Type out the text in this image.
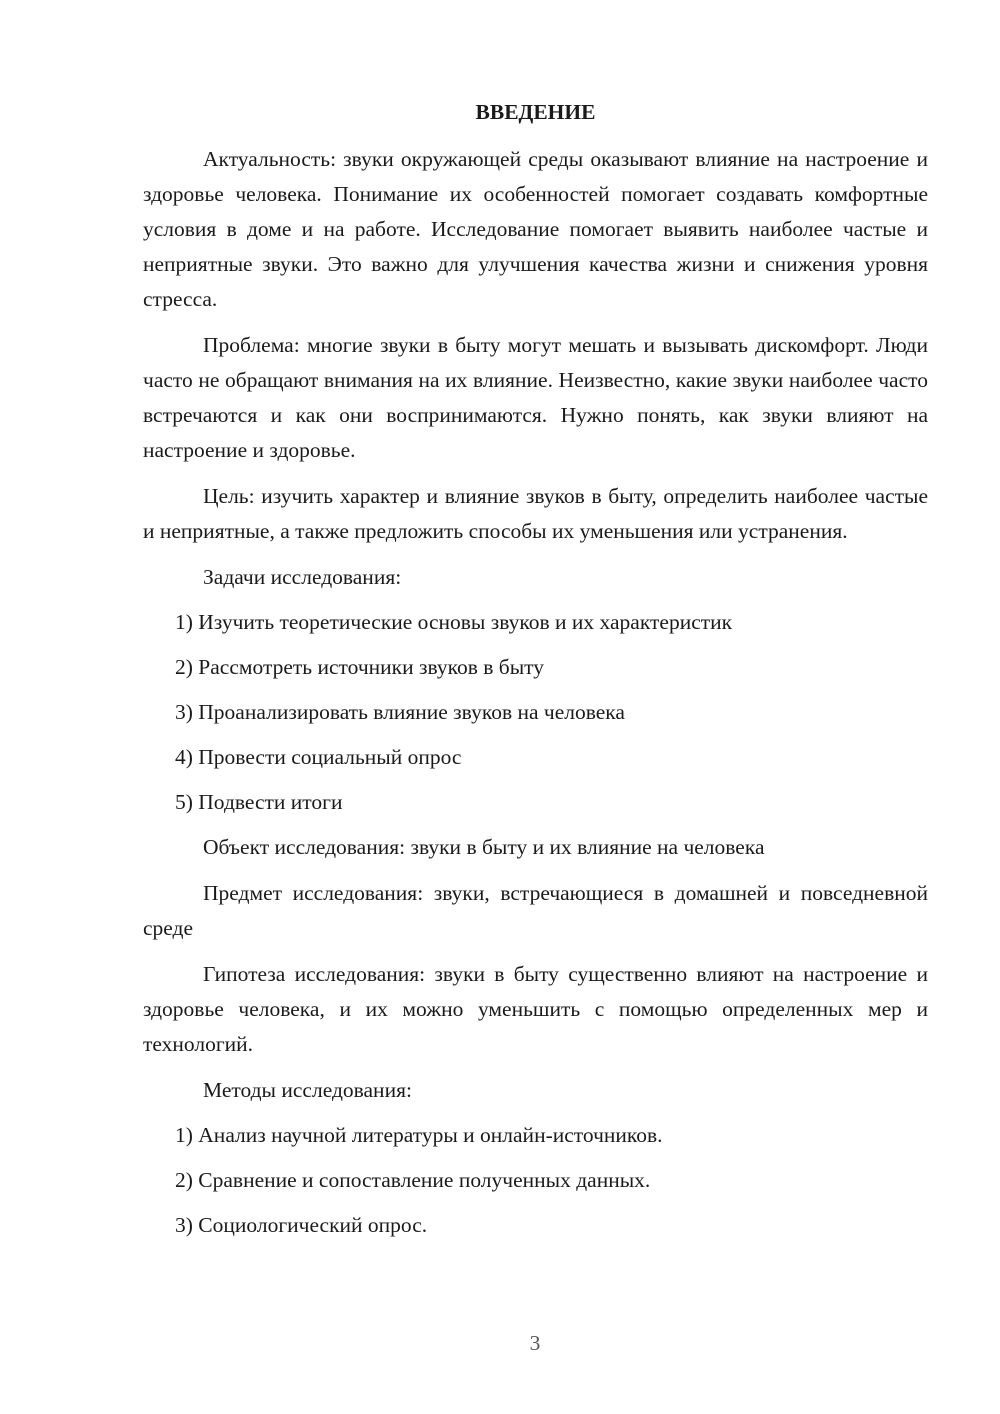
ВВЕДЕНИЕ

Актуальность: звуки окружающей среды оказывают влияние на настроение и здоровье человека. Понимание их особенностей помогает создавать комфортные условия в доме и на работе. Исследование помогает выявить наиболее частые и неприятные звуки. Это важно для улучшения качества жизни и снижения уровня стресса.

Проблема: многие звуки в быту могут мешать и вызывать дискомфорт. Люди часто не обращают внимания на их влияние. Неизвестно, какие звуки наиболее часто встречаются и как они воспринимаются. Нужно понять, как звуки влияют на настроение и здоровье.

Цель: изучить характер и влияние звуков в быту, определить наиболее частые и неприятные, а также предложить способы их уменьшения или устранения.

Задачи исследования:

1) Изучить теоретические основы звуков и их характеристик
2) Рассмотреть источники звуков в быту
3) Проанализировать влияние звуков на человека
4) Провести социальный опрос
5) Подвести итоги

Объект исследования: звуки в быту и их влияние на человека

Предмет исследования: звуки, встречающиеся в домашней и повседневной среде

Гипотеза исследования: звуки в быту существенно влияют на настроение и здоровье человека, и их можно уменьшить с помощью определенных мер и технологий.

Методы исследования:

1) Анализ научной литературы и онлайн-источников.
2) Сравнение и сопоставление полученных данных.
3) Социологический опрос.
3
